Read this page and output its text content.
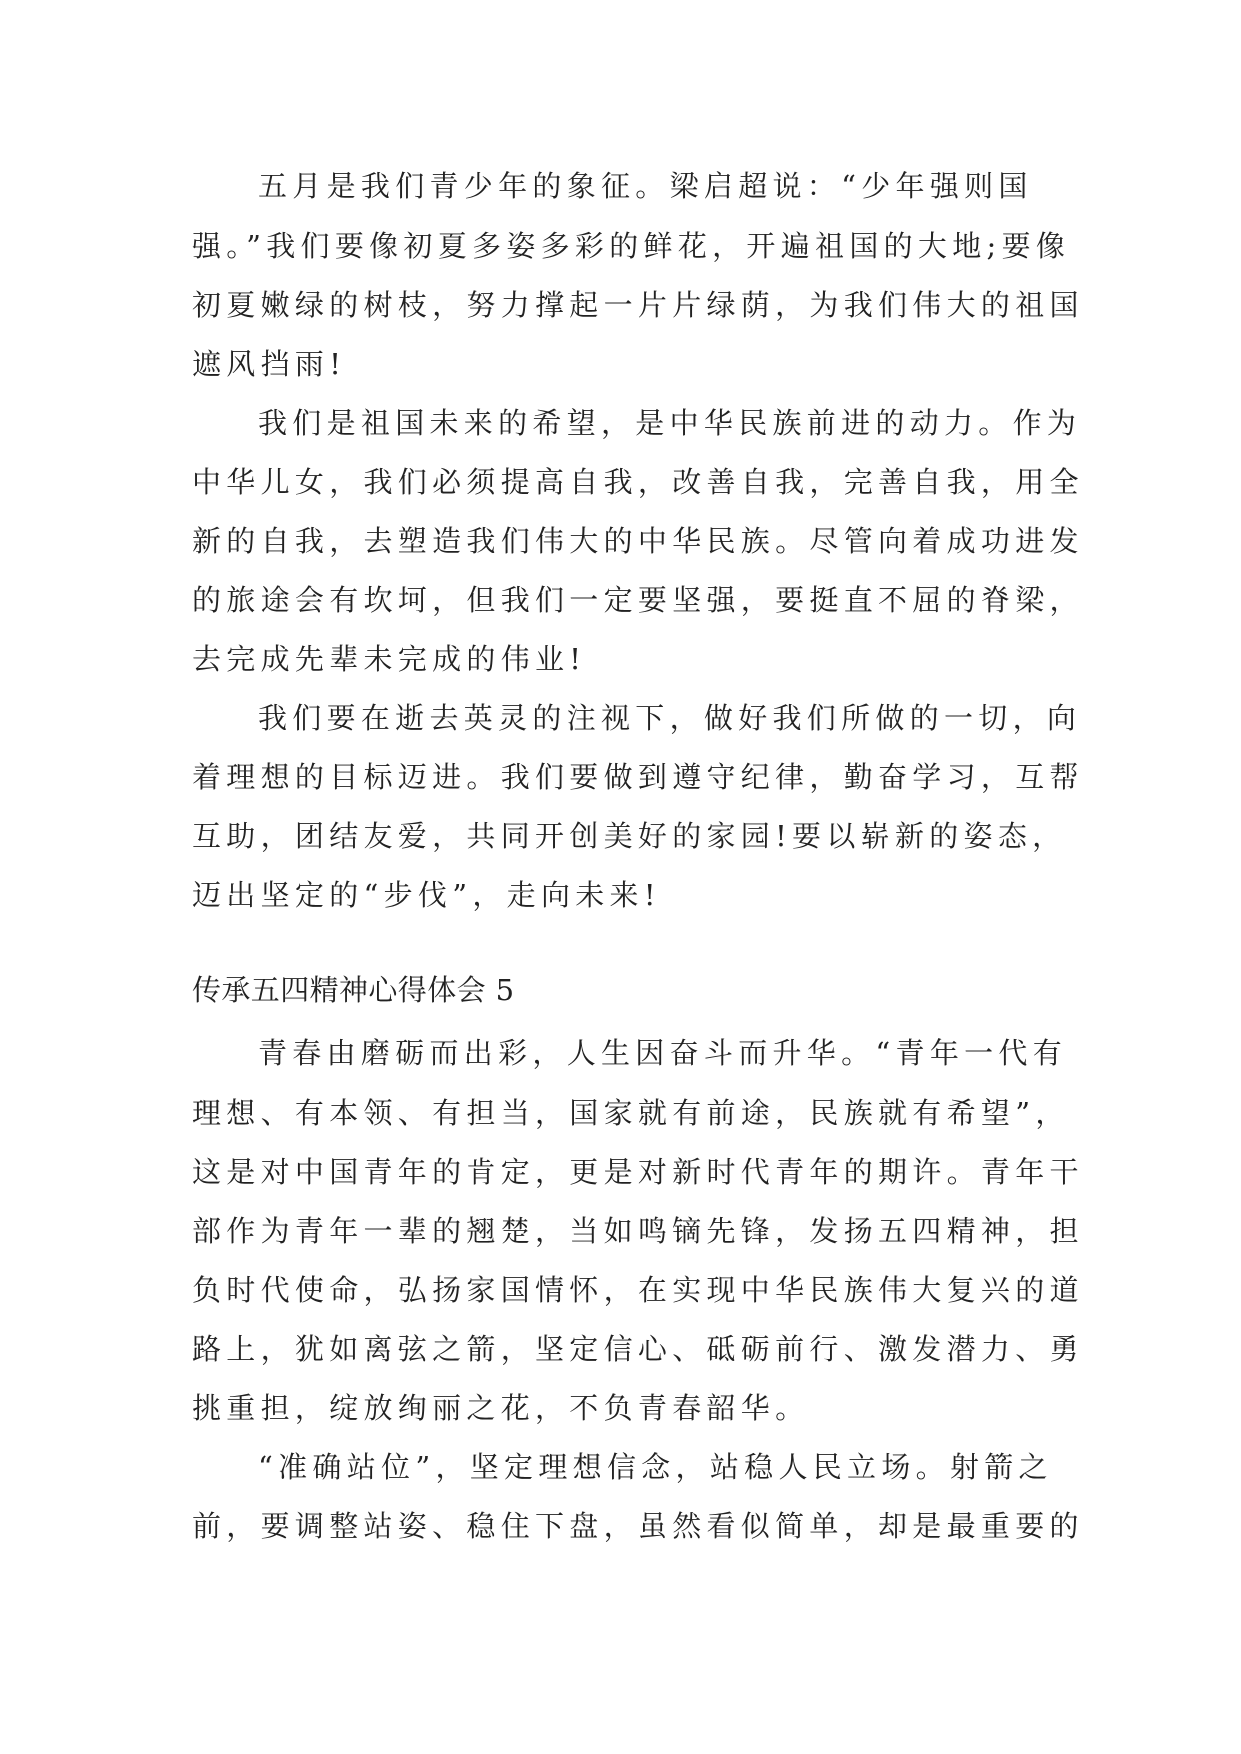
五月是我们青少年的象征。梁启超说：“少年强则国
强。”我们要像初夏多姿多彩的鲜花，开遍祖国的大地;要像
初夏嫩绿的树枝，努力撑起一片片绿荫，为我们伟大的祖国
遮风挡雨!
我们是祖国未来的希望，是中华民族前进的动力。作为
中华儿女，我们必须提高自我，改善自我，完善自我，用全
新的自我，去塑造我们伟大的中华民族。尽管向着成功进发
的旅途会有坎坷，但我们一定要坚强，要挺直不屈的脊梁，
去完成先辈未完成的伟业!
我们要在逝去英灵的注视下，做好我们所做的一切，向
着理想的目标迈进。我们要做到遵守纪律，勤奋学习，互帮
互助，团结友爱，共同开创美好的家园!要以崭新的姿态，
迈出坚定的“步伐”，走向未来!
传承五四精神心得体会 5
青春由磨砺而出彩，人生因奋斗而升华。“青年一代有
理想、有本领、有担当，国家就有前途，民族就有希望”，
这是对中国青年的肯定，更是对新时代青年的期许。青年干
部作为青年一辈的翘楚，当如鸣镝先锋，发扬五四精神，担
负时代使命，弘扬家国情怀，在实现中华民族伟大复兴的道
路上，犹如离弦之箭，坚定信心、砥砺前行、激发潜力、勇
挑重担，绽放绚丽之花，不负青春韶华。
“准确站位”，坚定理想信念，站稳人民立场。射箭之
前，要调整站姿、稳住下盘，虽然看似简单，却是最重要的
